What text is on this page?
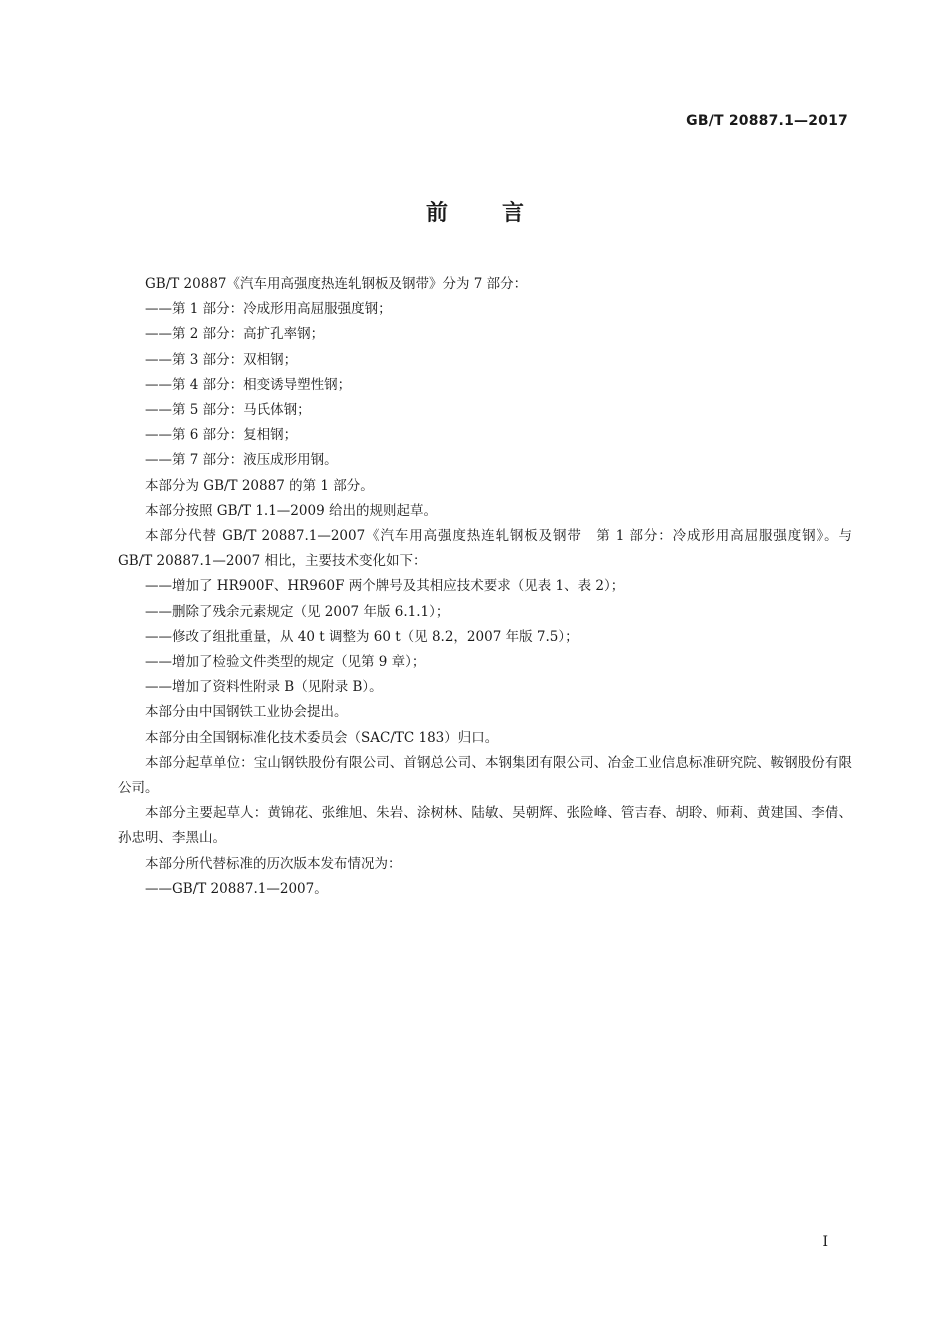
GB/T 20887.1—2017
前言

GB/T 20887《汽车用高强度热连轧钢板及钢带》分为 7 部分：

——第 1 部分：冷成形用高屈服强度钢；

——第 2 部分：高扩孔率钢；

——第 3 部分：双相钢；

——第 4 部分：相变诱导塑性钢；

——第 5 部分：马氏体钢；

——第 6 部分：复相钢；

——第 7 部分：液压成形用钢。

本部分为 GB/T 20887 的第 1 部分。

本部分按照 GB/T 1.1—2009 给出的规则起草。

本部分代替 GB/T 20887.1—2007《汽车用高强度热连轧钢板及钢带　第 1 部分：冷成形用高屈服强度钢》。与 GB/T 20887.1—2007 相比，主要技术变化如下：

——增加了 HR900F、HR960F 两个牌号及其相应技术要求（见表 1、表 2）；

——删除了残余元素规定（见 2007 年版 6.1.1）；

——修改了组批重量，从 40 t 调整为 60 t（见 8.2，2007 年版 7.5）；

——增加了检验文件类型的规定（见第 9 章）；

——增加了资料性附录 B（见附录 B）。

本部分由中国钢铁工业协会提出。

本部分由全国钢标准化技术委员会（SAC/TC 183）归口。

本部分起草单位：宝山钢铁股份有限公司、首钢总公司、本钢集团有限公司、冶金工业信息标准研究院、鞍钢股份有限公司。

本部分主要起草人：黄锦花、张维旭、朱岩、涂树林、陆敏、吴朝辉、张险峰、管吉春、胡聆、师莉、黄建国、李倩、孙忠明、李黑山。

本部分所代替标准的历次版本发布情况为：

——GB/T 20887.1—2007。

I
